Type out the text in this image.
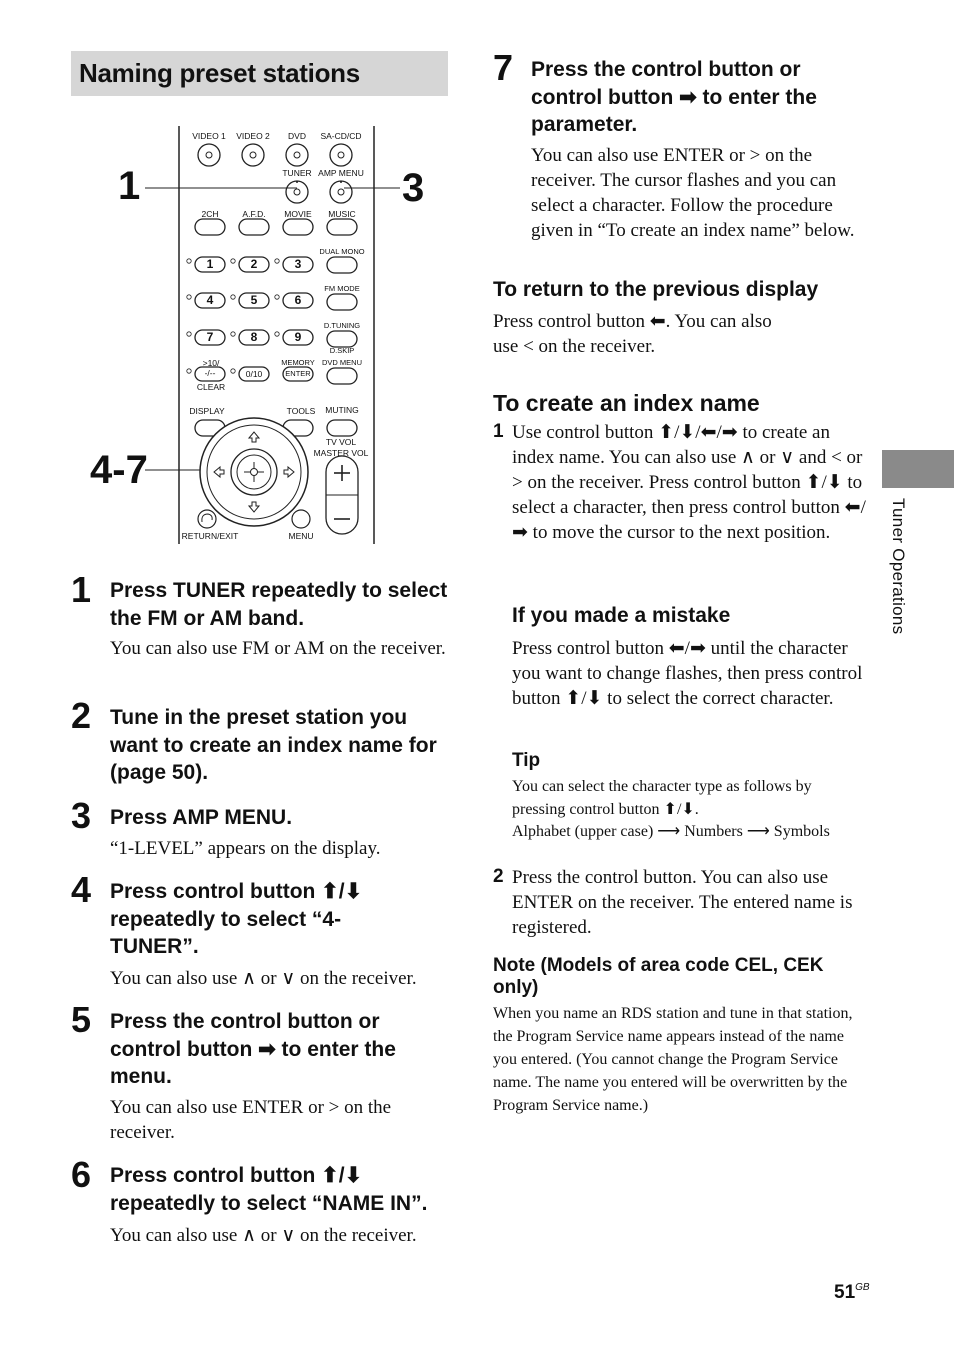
Naming preset stations
VIDEO 1 VIDEO 2 DVD SA-CD/CD
TUNER AMP MENU
2CH	A.F.D. MOVIE MUSIC
DUAL MONO
FM MODE
D.TUNING
D.SKIP
MEMORY DVD MENU
1	2	3
4	5	6
7	8	9
>10/
-/--
CLEAR
0/10	ENTER
DISPLAY	TOOLS MUTING
TV VOL
MASTER VOL
RETURN/EXIT	MENU
1	3
4-7
1 Press TUNER repeatedly to select the FM or AM band.
You can also use FM or AM on the receiver.
2 Tune in the preset station you want to create an index name for (page 50).
3 Press AMP MENU.
“1-LEVEL” appears on the display.
4 Press control button ⬆/⬇ repeatedly to select “4-TUNER”.
You can also use ∧ or ∨ on the receiver.
5 Press the control button or control button ➡ to enter the menu.
You can also use ENTER or > on the receiver.
6 Press control button ⬆/⬇ repeatedly to select “NAME IN”.
You can also use ∧ or ∨ on the receiver.
7 Press the control button or control button ➡ to enter the parameter.
You can also use ENTER or > on the receiver. The cursor flashes and you can select a character. Follow the procedure given in “To create an index name” below.
To return to the previous display
Press control button ⬅. You can also use < on the receiver.
To create an index name
1 Use control button ⬆/⬇/⬅/➡ to create an index name. You can also use ∧ or ∨ and < or > on the receiver. Press control button ⬆/⬇ to select a character, then press control button ⬅/➡ to move the cursor to the next position.
If you made a mistake
Press control button ⬅/➡ until the character you want to change flashes, then press control button ⬆/⬇ to select the correct character.
Tip
You can select the character type as follows by pressing control button ⬆/⬇.
Alphabet (upper case) ⟶ Numbers ⟶ Symbols
2 Press the control button. You can also use ENTER on the receiver. The entered name is registered.
Note (Models of area code CEL, CEK only)
When you name an RDS station and tune in that station, the Program Service name appears instead of the name you entered. (You cannot change the Program Service name. The name you entered will be overwritten by the Program Service name.)
Tuner Operations
$51^{GB}$
